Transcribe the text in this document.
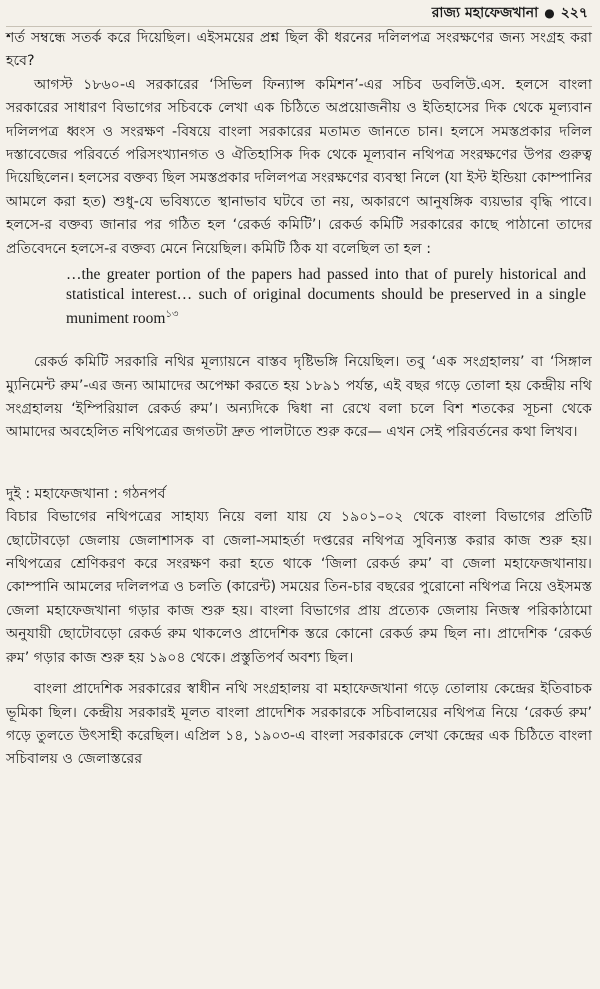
রাজ্য মহাফেজখানা ● ২২৭

শর্ত সম্বন্ধে সতর্ক করে দিয়েছিল। এইসময়ের প্রশ্ন ছিল কী ধরনের দলিলপত্র সংরক্ষণের জন্য সংগ্রহ করা হবে?

আগস্ট ১৮৬০-এ সরকারের ‘সিভিল ফিন্যান্স কমিশন’-এর সচিব ডবলিউ.এস. হলসে বাংলা সরকারের সাধারণ বিভাগের সচিবকে লেখা এক চিঠিতে অপ্রয়োজনীয় ও ইতিহাসের দিক থেকে মূল্যবান দলিলপত্র ধ্বংস ও সংরক্ষণ -বিষয়ে বাংলা সরকারের মতামত জানতে চান। হলসে সমস্তপ্রকার দলিল দস্তাবেজের পরিবর্তে পরিসংখ্যানগত ও ঐতিহাসিক দিক থেকে মূল্যবান নথিপত্র সংরক্ষণের উপর গুরুত্ব দিয়েছিলেন। হলসের বক্তব্য ছিল সমস্তপ্রকার দলিলপত্র সংরক্ষণের ব্যবস্থা নিলে (যা ইস্ট ইন্ডিয়া কোম্পানির আমলে করা হত) শুধু-যে ভবিষ্যতে স্থানাভাব ঘটবে তা নয়, অকারণে আনুষঙ্গিক ব্যয়ভার বৃদ্ধি পাবে। হলসে-র বক্তব্য জানার পর গঠিত হল ‘রেকর্ড কমিটি’। রেকর্ড কমিটি সরকারের কাছে পাঠানো তাদের প্রতিবেদনে হলসে-র বক্তব্য মেনে নিয়েছিল। কমিটি ঠিক যা বলেছিল তা হল :

…the greater portion of the papers had passed into that of purely historical and statistical interest… such of original documents should be preserved in a single muniment room$^{১৩}$

রেকর্ড কমিটি সরকারি নথির মূল্যায়নে বাস্তব দৃষ্টিভঙ্গি নিয়েছিল। তবু ‘এক সংগ্রহালয়’ বা ‘সিঙ্গাল ম্যুনিমেন্ট রুম’-এর জন্য আমাদের অপেক্ষা করতে হয় ১৮৯১ পর্যন্ত, এই বছর গড়ে তোলা হয় কেন্দ্রীয় নথি সংগ্রহালয় ‘ইম্পিরিয়াল রেকর্ড রুম’। অন্যদিকে দ্বিধা না রেখে বলা চলে বিশ শতকের সূচনা থেকে আমাদের অবহেলিত নথিপত্রের জগতটা দ্রুত পালটাতে শুরু করে— এখন সেই পরিবর্তনের কথা লিখব।

দুই : মহাফেজখানা : গঠনপর্ব

বিচার বিভাগের নথিপত্রের সাহায্য নিয়ে বলা যায় যে ১৯০১–০২ থেকে বাংলা বিভাগের প্রতিটি ছোটোবড়ো জেলায় জেলাশাসক বা জেলা-সমাহর্তা দপ্তরের নথিপত্র সুবিন্যস্ত করার কাজ শুরু হয়। নথিপত্রের শ্রেণিকরণ করে সংরক্ষণ করা হতে থাকে ‘জিলা রেকর্ড রুম’ বা জেলা মহাফেজখানায়। কোম্পানি আমলের দলিলপত্র ও চলতি (কারেন্ট) সময়ের তিন-চার বছরের পুরোনো নথিপত্র নিয়ে ওইসমস্ত জেলা মহাফেজখানা গড়ার কাজ শুরু হয়। বাংলা বিভাগের প্রায় প্রত্যেক জেলায় নিজস্ব পরিকাঠামো অনুযায়ী ছোটোবড়ো রেকর্ড রুম থাকলেও প্রাদেশিক স্তরে কোনো রেকর্ড রুম ছিল না। প্রাদেশিক ‘রেকর্ড রুম’ গড়ার কাজ শুরু হয় ১৯০৪ থেকে। প্রস্তুতিপর্ব অবশ্য ছিল।

বাংলা প্রাদেশিক সরকারের স্বাধীন নথি সংগ্রহালয় বা মহাফেজখানা গড়ে তোলায় কেন্দ্রের ইতিবাচক ভূমিকা ছিল। কেন্দ্রীয় সরকারই মূলত বাংলা প্রাদেশিক সরকারকে সচিবালয়ের নথিপত্র নিয়ে ‘রেকর্ড রুম’ গড়ে তুলতে উৎসাহী করেছিল। এপ্রিল ১৪, ১৯০৩-এ বাংলা সরকারকে লেখা কেন্দ্রের এক চিঠিতে বাংলা সচিবালয় ও জেলাস্তরের
